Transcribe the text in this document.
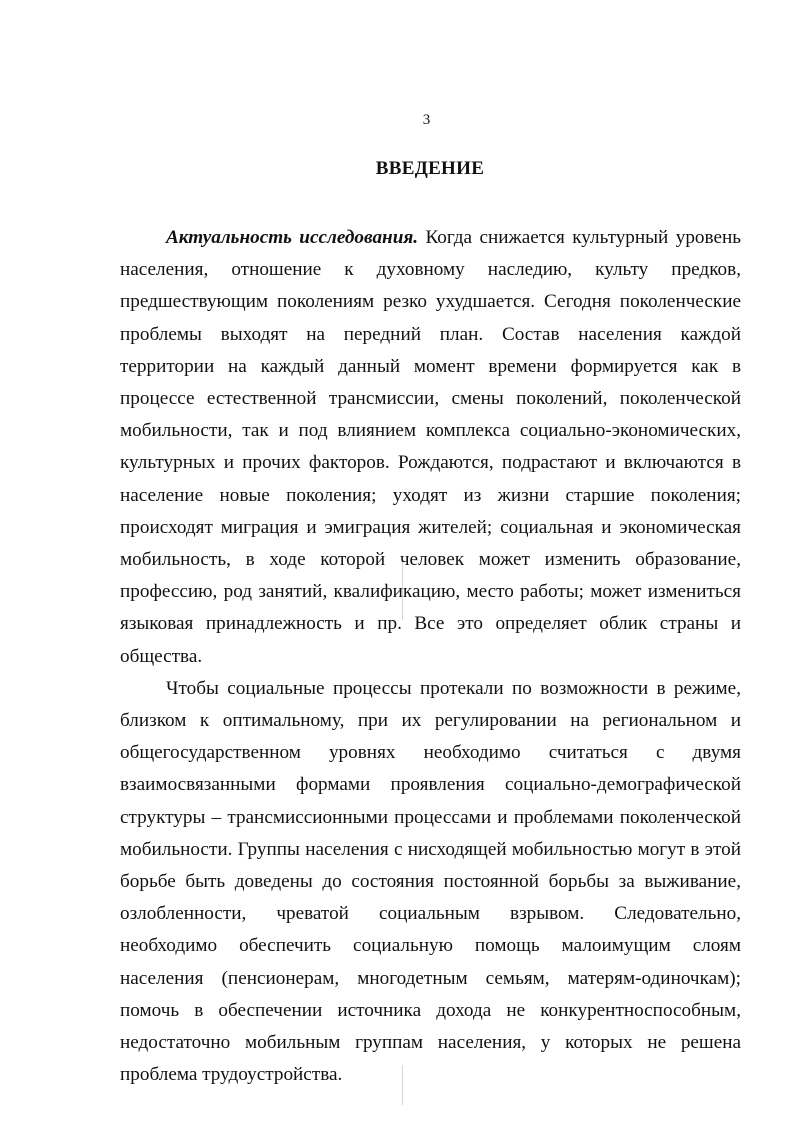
3
ВВЕДЕНИЕ

Актуальность исследования. Когда снижается культурный уровень населения, отношение к духовному наследию, культу предков, предшествующим поколениям резко ухудшается. Сегодня поколенческие проблемы выходят на передний план. Состав населения каждой территории на каждый данный момент времени формируется как в процессе естественной трансмиссии, смены поколений, поколенческой мобильности, так и под влиянием комплекса социально-экономических, культурных и прочих факторов. Рождаются, подрастают и включаются в население новые поколения; уходят из жизни старшие поколения; происходят миграция и эмиграция жителей; социальная и экономическая мобильность, в ходе которой человек может изменить образование, профессию, род занятий, квалификацию, место работы; может измениться языковая принадлежность и пр. Все это определяет облик страны и общества.

Чтобы социальные процессы протекали по возможности в режиме, близком к оптимальному, при их регулировании на региональном и общегосударственном уровнях необходимо считаться с двумя взаимосвязанными формами проявления социально-демографической структуры – трансмиссионными процессами и проблемами поколенческой мобильности. Группы населения с нисходящей мобильностью могут в этой борьбе быть доведены до состояния постоянной борьбы за выживание, озлобленности, чреватой социальным взрывом. Следовательно, необходимо обеспечить социальную помощь малоимущим слоям населения (пенсионерам, многодетным семьям, матерям-одиночкам); помочь в обеспечении источника дохода не конкурентноспособным, недостаточно мобильным группам населения, у которых не решена проблема трудоустройства.
